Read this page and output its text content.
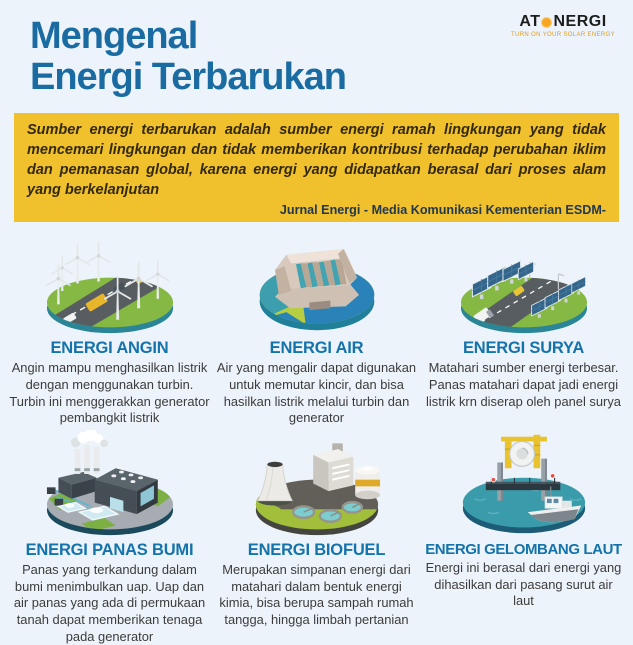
Mengenal
Energi Terbarukan
AT NERGI
TURN ON YOUR SOLAR ENERGY

Sumber energi terbarukan adalah sumber energi ramah lingkungan yang tidak mencemari lingkungan dan tidak memberikan kontribusi terhadap perubahan iklim dan pemanasan global, karena energi yang didapatkan berasal dari proses alam yang berkelanjutan

Jurnal Energi - Media Komunikasi Kementerian ESDM-
ENERGI ANGIN

Angin mampu menghasilkan listrik dengan menggunakan turbin. Turbin ini menggerakkan generator pembangkit listrik

ENERGI AIR

Air yang mengalir dapat digunakan untuk memutar kincir, dan bisa hasilkan listrik melalui turbin dan generator

ENERGI SURYA

Matahari sumber energi terbesar. Panas matahari dapat jadi energi listrik krn diserap oleh panel surya

ENERGI PANAS BUMI

Panas yang terkandung dalam bumi menimbulkan uap. Uap dan air panas yang ada di permukaan tanah dapat memberikan tenaga pada generator

ENERGI BIOFUEL

Merupakan simpanan energi dari matahari dalam bentuk energi kimia, bisa berupa sampah rumah tangga, hingga limbah pertanian

ENERGI GELOMBANG LAUT

Energi ini berasal dari energi yang dihasilkan dari pasang surut air laut
